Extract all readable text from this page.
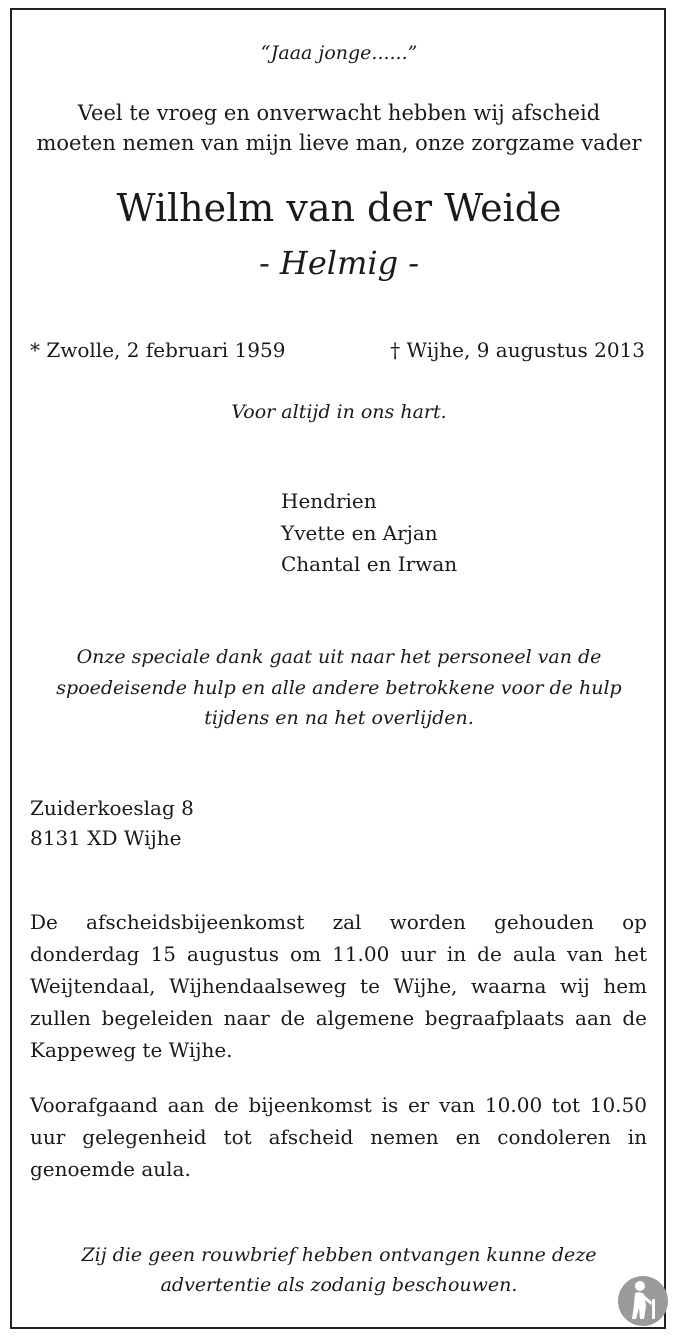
“Jaaa jonge......”
Veel te vroeg en onverwacht hebben wij afscheid
moeten nemen van mijn lieve man, onze zorgzame vader
Wilhelm van der Weide
- Helmig -
* Zwolle, 2 februari 1959	† Wijhe, 9 augustus 2013
Voor altijd in ons hart.
Hendrien
Yvette en Arjan
Chantal en Irwan
Onze speciale dank gaat uit naar het personeel van de
spoedeisende hulp en alle andere betrokkene voor de hulp
tijdens en na het overlijden.
Zuiderkoeslag 8
8131 XD Wijhe

De afscheidsbijeenkomst zal worden gehouden op donderdag 15 augustus om 11.00 uur in de aula van het Weijtendaal, Wijhendaalseweg te Wijhe, waarna wij hem zullen begeleiden naar de algemene begraafplaats aan de Kappeweg te Wijhe.

Voorafgaand aan de bijeenkomst is er van 10.00 tot 10.50 uur gelegenheid tot afscheid nemen en condoleren in genoemde aula.

Zij die geen rouwbrief hebben ontvangen kunne deze
advertentie als zodanig beschouwen.
